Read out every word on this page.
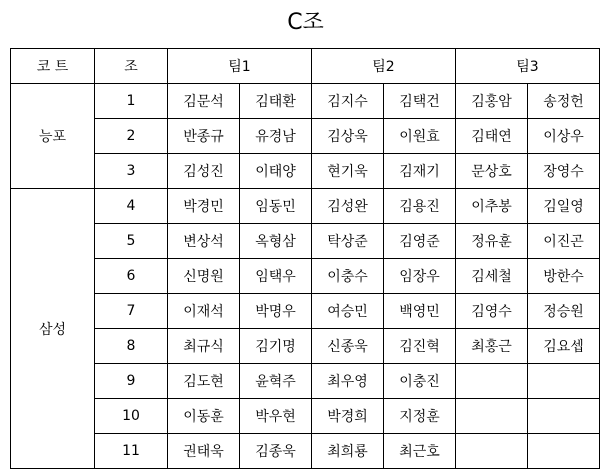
C조
코 트	조	팀1		팀2		팀3	
능포	1	김문석	김태환	김지수	김택건	김홍암	송정헌
	2	반종규	유경남	김상욱	이원효	김태연	이상우
	3	김성진	이태양	현기욱	김재기	문상호	장영수
삼성	4	박경민	임동민	김성완	김용진	이추봉	김일영
	5	변상석	옥형삼	탁상준	김영준	정유훈	이진곤
	6	신명원	임택우	이충수	임장우	김세철	방한수
	7	이재석	박명우	여승민	백영민	김영수	정승원
	8	최규식	김기명	신종욱	김진혁	최홍근	김요셉
	9	김도현	윤혁주	최우영	이충진		
	10	이동훈	박우현	박경희	지정훈		
	11	권태욱	김종욱	최희룡	최근호		
